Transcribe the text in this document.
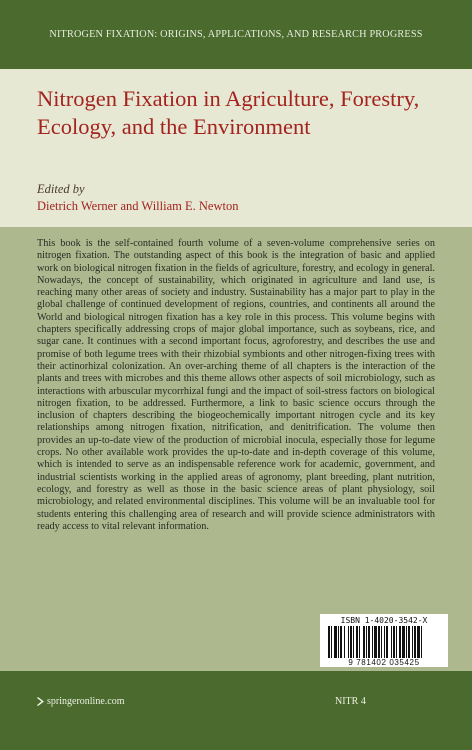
NITROGEN FIXATION: ORIGINS, APPLICATIONS, AND RESEARCH PROGRESS
Nitrogen Fixation in Agriculture, Forestry, Ecology, and the Environment

Edited by

Dietrich Werner and William E. Newton

This book is the self-contained fourth volume of a seven-volume comprehensive series on nitrogen fixation. The outstanding aspect of this book is the integration of basic and applied work on biological nitrogen fixation in the fields of agriculture, forestry, and ecology in general. Nowadays, the concept of sustainability, which originated in agriculture and land use, is reaching many other areas of society and industry. Sustainability has a major part to play in the global challenge of continued development of regions, countries, and continents all around the World and biological nitrogen fixation has a key role in this process. This volume begins with chapters specifically addressing crops of major global importance, such as soybeans, rice, and sugar cane. It continues with a second important focus, agroforestry, and describes the use and promise of both legume trees with their rhizobial symbionts and other nitrogen-fixing trees with their actinorhizal colonization. An over-arching theme of all chapters is the interaction of the plants and trees with microbes and this theme allows other aspects of soil microbiology, such as interactions with arbuscular mycorrhizal fungi and the impact of soil-stress factors on biological nitrogen fixation, to be addressed. Furthermore, a link to basic science occurs through the inclusion of chapters describing the biogeochemically important nitrogen cycle and its key relationships among nitrogen fixation, nitrification, and denitrification. The volume then provides an up-to-date view of the production of microbial inocula, especially those for legume crops. No other available work provides the up-to-date and in-depth coverage of this volume, which is intended to serve as an indispensable reference work for academic, government, and industrial scientists working in the applied areas of agronomy, plant breeding, plant nutrition, ecology, and forestry as well as those in the basic science areas of plant physiology, soil microbiology, and related environmental disciplines. This volume will be an invaluable tool for students entering this challenging area of research and will provide science administrators with ready access to vital relevant information.

ISBN 1-4020-3542-X
9 781402 035425
springeronline.com	NITR 4
